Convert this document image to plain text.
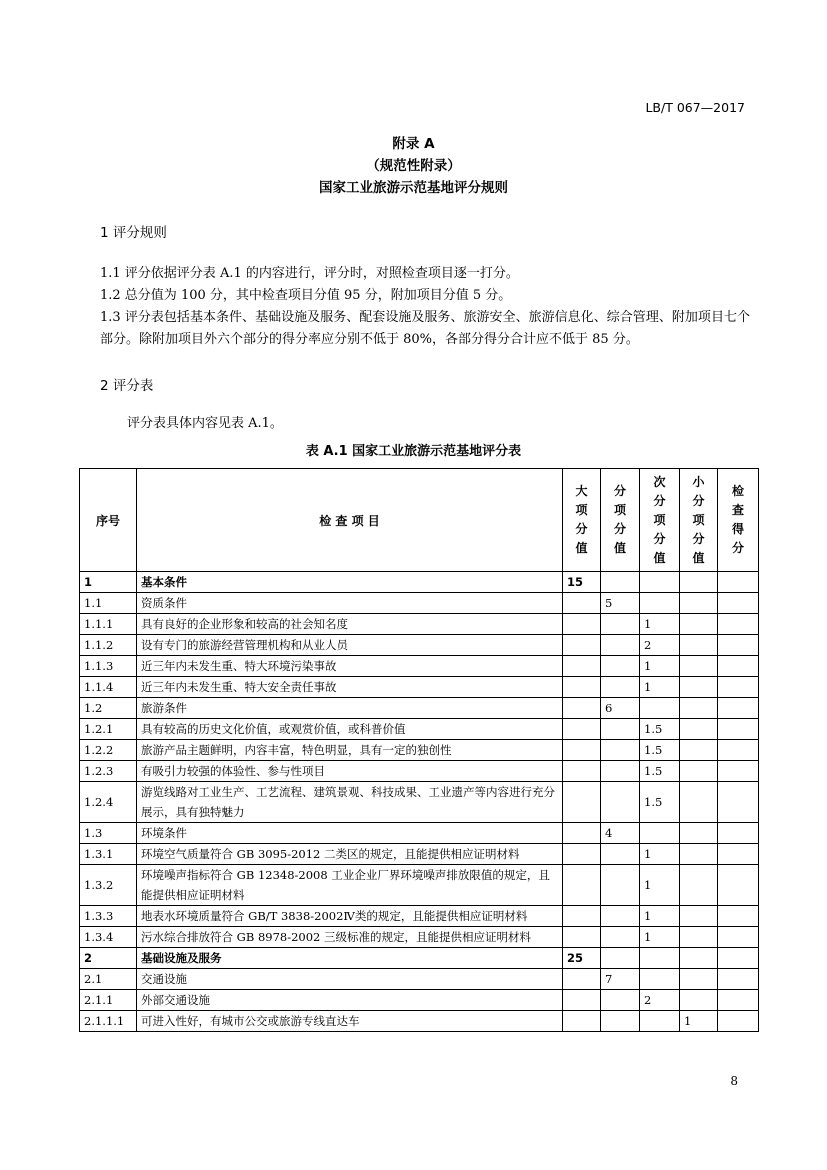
LB/T 067—2017
附录 A
（规范性附录）
国家工业旅游示范基地评分规则
1 评分规则

1.1 评分依据评分表 A.1 的内容进行，评分时，对照检查项目逐一打分。

1.2 总分值为 100 分，其中检查项目分值 95 分，附加项目分值 5 分。

1.3 评分表包括基本条件、基础设施及服务、配套设施及服务、旅游安全、旅游信息化、综合管理、附加项目七个部分。除附加项目外六个部分的得分率应分别不低于 80%，各部分得分合计应不低于 85 分。

2 评分表
评分表具体内容见表 A.1。
表 A.1 国家工业旅游示范基地评分表
序号	检 查 项 目	大项分值	分项分值	次分项分值	小分项分值	检查得分
1	基本条件	15				
1.1	资质条件		5			
1.1.1	具有良好的企业形象和较高的社会知名度			1		
1.1.2	设有专门的旅游经营管理机构和从业人员			2		
1.1.3	近三年内未发生重、特大环境污染事故			1		
1.1.4	近三年内未发生重、特大安全责任事故			1		
1.2	旅游条件		6			
1.2.1	具有较高的历史文化价值，或观赏价值，或科普价值			1.5		
1.2.2	旅游产品主题鲜明，内容丰富，特色明显，具有一定的独创性			1.5		
1.2.3	有吸引力较强的体验性、参与性项目			1.5		
1.2.4	游览线路对工业生产、工艺流程、建筑景观、科技成果、工业遗产等内容进行充分展示，具有独特魅力			1.5		
1.3	环境条件		4			
1.3.1	环境空气质量符合 GB 3095-2012 二类区的规定，且能提供相应证明材料			1		
1.3.2	环境噪声指标符合 GB 12348-2008 工业企业厂界环境噪声排放限值的规定，且能提供相应证明材料			1		
1.3.3	地表水环境质量符合 GB/T 3838-2002Ⅳ类的规定，且能提供相应证明材料			1		
1.3.4	污水综合排放符合 GB 8978-2002 三级标准的规定，且能提供相应证明材料			1		
2	基础设施及服务	25				
2.1	交通设施		7			
2.1.1	外部交通设施			2		
2.1.1.1	可进入性好，有城市公交或旅游专线直达车				1	
8
